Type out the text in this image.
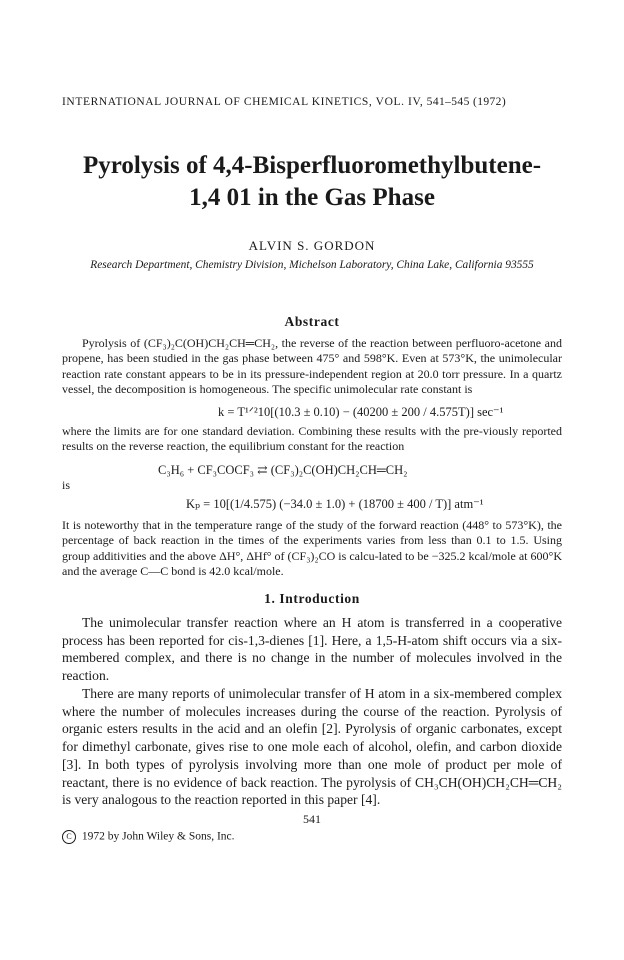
INTERNATIONAL JOURNAL OF CHEMICAL KINETICS, VOL. IV, 541–545 (1972)
Pyrolysis of 4,4-Bisperfluoromethylbutene-
1,4 01 in the Gas Phase
ALVIN S. GORDON
Research Department, Chemistry Division, Michelson Laboratory, China Lake, California 93555
Abstract
Pyrolysis of (CF₃)₂C(OH)CH₂CH═CH₂, the reverse of the reaction between perfluoro-acetone and propene, has been studied in the gas phase between 475° and 598°K. Even at 573°K, the unimolecular reaction rate constant appears to be in its pressure-independent region at 20.0 torr pressure. In a quartz vessel, the decomposition is homogeneous. The specific unimolecular rate constant is
k = T¹ᐟ²10[(10.3 ± 0.10) − (40200 ± 200 / 4.575T)] sec⁻¹
where the limits are for one standard deviation. Combining these results with the pre-viously reported results on the reverse reaction, the equilibrium constant for the reaction
C₃H₆ + CF₃COCF₃ ⇄ (CF₃)₂C(OH)CH₂CH═CH₂
is
Kₚ = 10[(1/4.575) (−34.0 ± 1.0) + (18700 ± 400 / T)] atm⁻¹
It is noteworthy that in the temperature range of the study of the forward reaction (448° to 573°K), the percentage of back reaction in the times of the experiments varies from less than 0.1 to 1.5. Using group additivities and the above ΔH°, ΔHf° of (CF₃)₂CO is calcu-lated to be −325.2 kcal/mole at 600°K and the average C—C bond is 42.0 kcal/mole.
1. Introduction
The unimolecular transfer reaction where an H atom is transferred in a cooperative process has been reported for cis-1,3-dienes [1]. Here, a 1,5-H-atom shift occurs via a six-membered complex, and there is no change in the number of molecules involved in the reaction.
There are many reports of unimolecular transfer of H atom in a six-membered complex where the number of molecules increases during the course of the reaction. Pyrolysis of organic esters results in the acid and an olefin [2]. Pyrolysis of organic carbonates, except for dimethyl carbonate, gives rise to one mole each of alcohol, olefin, and carbon dioxide [3]. In both types of pyrolysis involving more than one mole of product per mole of reactant, there is no evidence of back reaction. The pyrolysis of CH₃CH(OH)CH₂CH═CH₂ is very analogous to the reaction reported in this paper [4].
541
C 1972 by John Wiley & Sons, Inc.
